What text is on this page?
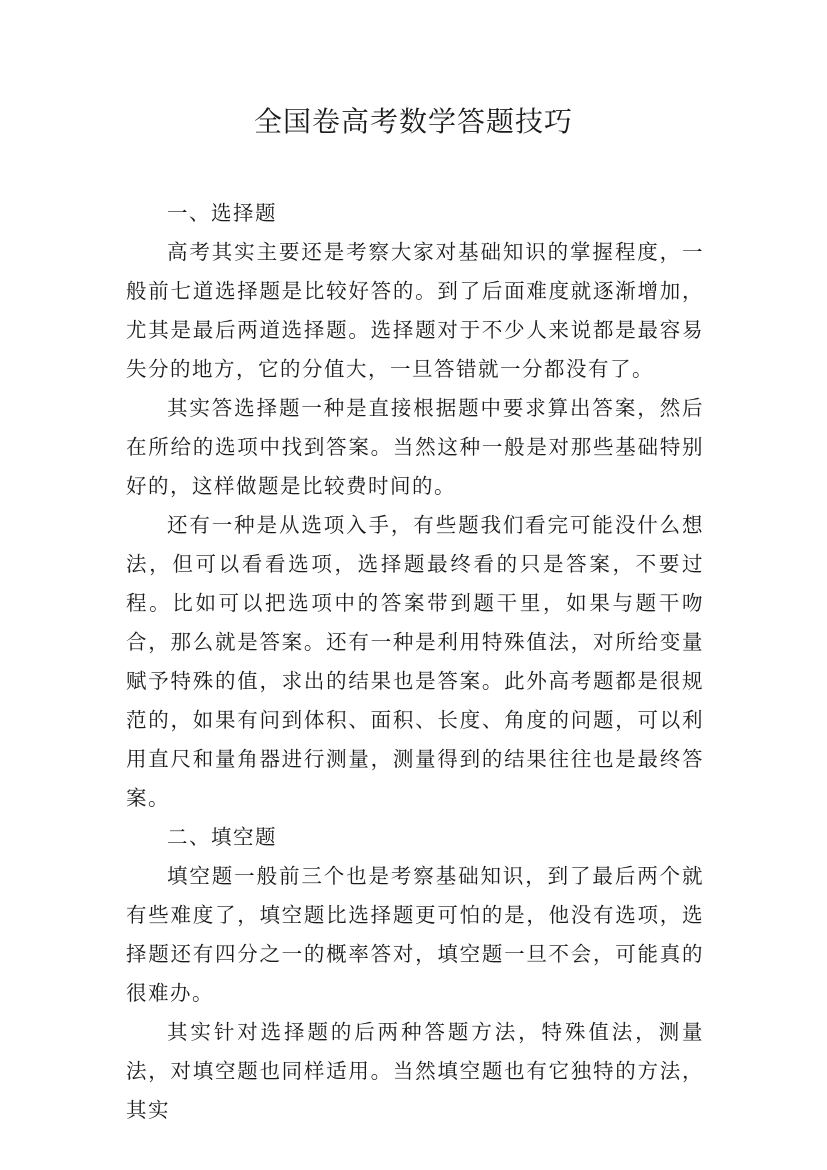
全国卷高考数学答题技巧

一、选择题

高考其实主要还是考察大家对基础知识的掌握程度，一般前七道选择题是比较好答的。到了后面难度就逐渐增加，尤其是最后两道选择题。选择题对于不少人来说都是最容易失分的地方，它的分值大，一旦答错就一分都没有了。

其实答选择题一种是直接根据题中要求算出答案，然后在所给的选项中找到答案。当然这种一般是对那些基础特别好的，这样做题是比较费时间的。

还有一种是从选项入手，有些题我们看完可能没什么想法，但可以看看选项，选择题最终看的只是答案，不要过程。比如可以把选项中的答案带到题干里，如果与题干吻合，那么就是答案。还有一种是利用特殊值法，对所给变量赋予特殊的值，求出的结果也是答案。此外高考题都是很规范的，如果有问到体积、面积、长度、角度的问题，可以利用直尺和量角器进行测量，测量得到的结果往往也是最终答案。

二、填空题

填空题一般前三个也是考察基础知识，到了最后两个就有些难度了，填空题比选择题更可怕的是，他没有选项，选择题还有四分之一的概率答对，填空题一旦不会，可能真的很难办。

其实针对选择题的后两种答题方法，特殊值法，测量法，对填空题也同样适用。当然填空题也有它独特的方法，其实
